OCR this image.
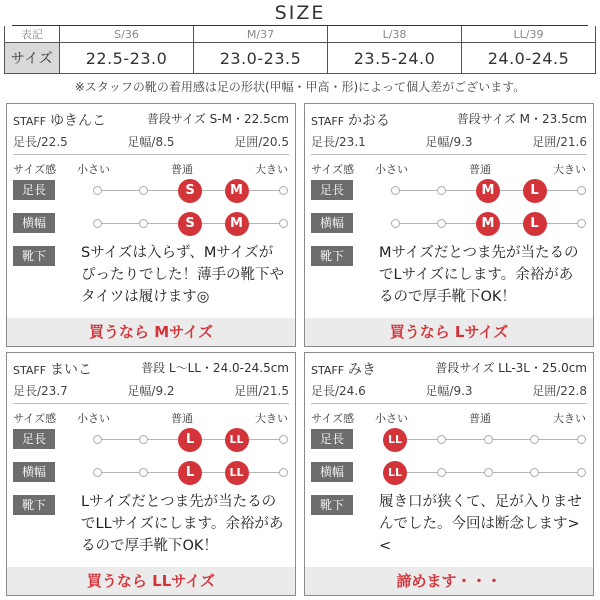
SIZE
表記	S/36	M/37	L/38	LL/39
サイズ	22.5-23.0	23.0-23.5	23.5-24.0	24.0-24.5
※スタッフの靴の着用感は足の形状(甲幅・甲高・形)によって個人差がございます。
STAFF ゆきんこ	普段サイズ S-M・22.5cm
足長/22.5	足幅/8.5	足囲/20.5
サイズ感 小さい	普通	大きい
足長	S	M
横幅	S	M
靴下	Sサイズは入らず、Mサイズがぴったりでした！薄手の靴下やタイツは履けます◎
買うなら Mサイズ
STAFF かおる	普段サイズ M・23.5cm
足長/23.1	足幅/9.3	足囲/21.6
サイズ感 小さい	普通	大きい
足長	M	L
横幅	M	L
靴下	Mサイズだとつま先が当たるのでLサイズにします。余裕があるので厚手靴下OK！
買うなら Lサイズ
STAFF まいこ	普段 L〜LL・24.0-24.5cm
足長/23.7	足幅/9.2	足囲/21.5
サイズ感 小さい	普通	大きい
足長	L	LL
横幅	L	LL
靴下	Lサイズだとつま先が当たるのでLLサイズにします。余裕があるので厚手靴下OK！
買うなら LLサイズ
STAFF みき	普段サイズ LL-3L・25.0cm
足長/24.6	足幅/9.3	足囲/22.8
サイズ感 小さい	普通	大きい
足長	LL
横幅	LL
靴下	履き口が狭くて、足が入りませんでした。今回は断念します><
諦めます・・・
